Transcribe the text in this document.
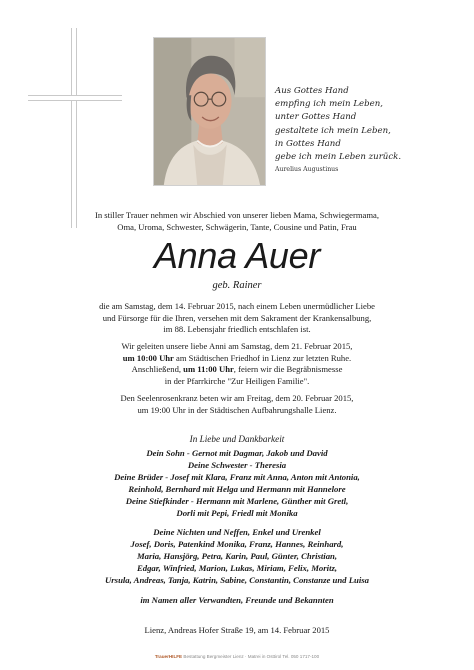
Aus Gottes Hand
empfing ich mein Leben,
unter Gottes Hand
gestaltete ich mein Leben,
in Gottes Hand
gebe ich mein Leben zurück.
Aurelius Augustinus
In stiller Trauer nehmen wir Abschied von unserer lieben Mama, Schwiegermama,
Oma, Uroma, Schwester, Schwägerin, Tante, Cousine und Patin, Frau
Anna Auer
geb. Rainer
die am Samstag, dem 14. Februar 2015, nach einem Leben unermüdlicher Liebe
und Fürsorge für die Ihren, versehen mit dem Sakrament der Krankensalbung,
im 88. Lebensjahr friedlich entschlafen ist.
Wir geleiten unsere liebe Anni am Samstag, dem 21. Februar 2015,
um 10:00 Uhr am Städtischen Friedhof in Lienz zur letzten Ruhe.
Anschließend, um 11:00 Uhr, feiern wir die Begräbnismesse
in der Pfarrkirche "Zur Heiligen Familie".
Den Seelenrosenkranz beten wir am Freitag, dem 20. Februar 2015,
um 19:00 Uhr in der Städtischen Aufbahrungshalle Lienz.
In Liebe und Dankbarkeit
Dein Sohn - Gernot mit Dagmar, Jakob und David
Deine Schwester - Theresia
Deine Brüder - Josef mit Klara, Franz mit Anna, Anton mit Antonia,
Reinhold, Bernhard mit Helga und Hermann mit Hannelore
Deine Stiefkinder - Hermann mit Marlene, Günther mit Gretl,
Dorli mit Pepi, Friedl mit Monika
Deine Nichten und Neffen, Enkel und Urenkel
Josef, Doris, Patenkind Monika, Franz, Hannes, Reinhard,
Maria, Hansjörg, Petra, Karin, Paul, Günter, Christian,
Edgar, Winfried, Marion, Lukas, Miriam, Felix, Moritz,
Ursula, Andreas, Tanja, Katrin, Sabine, Constantin, Constanze und Luisa
im Namen aller Verwandten, Freunde und Bekannten
Lienz, Andreas Hofer Straße 19, am 14. Februar 2015
TrauerHILFE Bestattung Bergmeister Lienz · Matrei in Osttirol Tel. 050 1717-100
